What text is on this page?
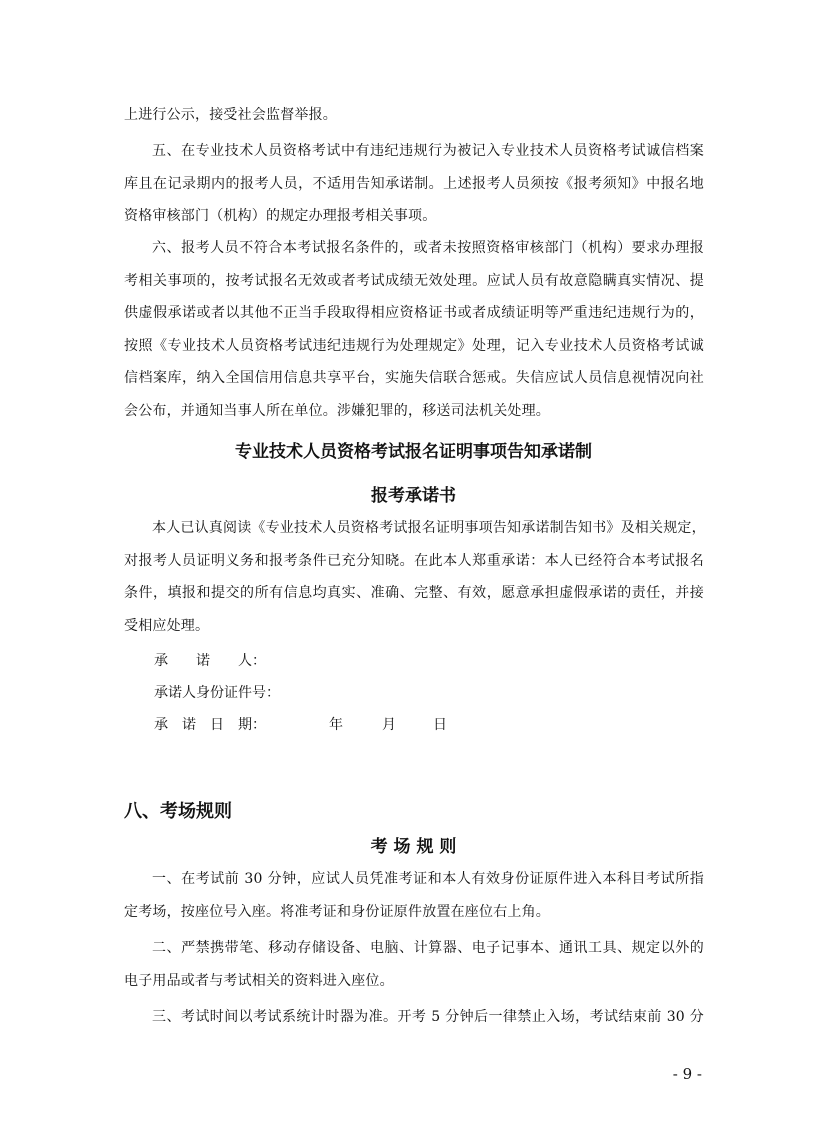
上进行公示，接受社会监督举报。
五、在专业技术人员资格考试中有违纪违规行为被记入专业技术人员资格考试诚信档案
库且在记录期内的报考人员，不适用告知承诺制。上述报考人员须按《报考须知》中报名地
资格审核部门（机构）的规定办理报考相关事项。
六、报考人员不符合本考试报名条件的，或者未按照资格审核部门（机构）要求办理报
考相关事项的，按考试报名无效或者考试成绩无效处理。应试人员有故意隐瞒真实情况、提
供虚假承诺或者以其他不正当手段取得相应资格证书或者成绩证明等严重违纪违规行为的，
按照《专业技术人员资格考试违纪违规行为处理规定》处理，记入专业技术人员资格考试诚
信档案库，纳入全国信用信息共享平台，实施失信联合惩戒。失信应试人员信息视情况向社
会公布，并通知当事人所在单位。涉嫌犯罪的，移送司法机关处理。
专业技术人员资格考试报名证明事项告知承诺制
报考承诺书
本人已认真阅读《专业技术人员资格考试报名证明事项告知承诺制告知书》及相关规定，
对报考人员证明义务和报考条件已充分知晓。在此本人郑重承诺：本人已经符合本考试报名
条件，填报和提交的所有信息均真实、准确、完整、有效，愿意承担虚假承诺的责任，并接
受相应处理。
承　　诺　　人：
承诺人身份证件号：
承　诺　日　期：	年	月	日
八、考场规则
考 场 规 则
一、在考试前 30 分钟，应试人员凭准考证和本人有效身份证原件进入本科目考试所指
定考场，按座位号入座。将准考证和身份证原件放置在座位右上角。
二、严禁携带笔、移动存储设备、电脑、计算器、电子记事本、通讯工具、规定以外的
电子用品或者与考试相关的资料进入座位。
三、考试时间以考试系统计时器为准。开考 5 分钟后一律禁止入场，考试结束前 30 分
- 9 -
